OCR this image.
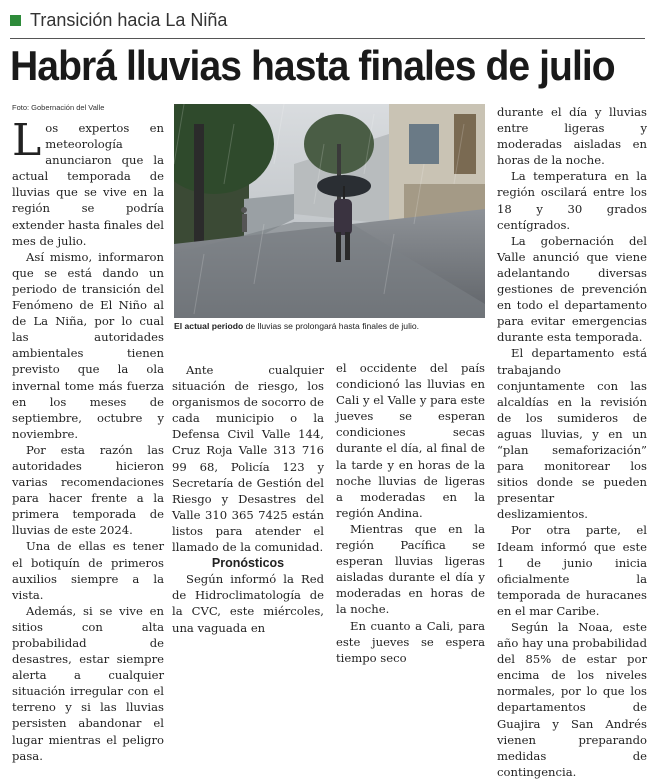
Transición hacia La Niña
Habrá lluvias hasta finales de julio
Foto: Gobernación del Valle

Los expertos en meteorología anunciaron que la actual temporada de lluvias que se vive en la región se podría extender hasta finales del mes de julio.

Así mismo, informaron que se está dando un periodo de transición del Fenómeno de El Niño al de La Niña, por lo cual las autoridades ambientales tienen previsto que la ola invernal tome más fuerza en los meses de septiembre, octubre y noviembre.

Por esta razón las autoridades hicieron varias recomendaciones para hacer frente a la primera temporada de lluvias de este 2024.

Una de ellas es tener el botiquín de primeros auxilios siempre a la vista.

Además, si se vive en sitios con alta probabilidad de desastres, estar siempre alerta a cualquier situación irregular con el terreno y si las lluvias persisten abandonar el lugar mientras el peligro pasa.

El actual periodo de lluvias se prolongará hasta finales de julio.

Ante cualquier situación de riesgo, los organismos de socorro de cada municipio o la Defensa Civil Valle 144, Cruz Roja Valle 313 716 99 68, Policía 123 y Secretaría de Gestión del Riesgo y Desastres del Valle 310 365 7425 están listos para atender el llamado de la comunidad.

Pronósticos

Según informó la Red de Hidroclimatología de la CVC, este miércoles, una vaguada en

el occidente del país condicionó las lluvias en Cali y el Valle y para este jueves se esperan condiciones secas durante el día, al final de la tarde y en horas de la noche lluvias de ligeras a moderadas en la región Andina.

Mientras que en la región Pacífica se esperan lluvias ligeras aisladas durante el día y moderadas en horas de la noche.

En cuanto a Cali, para este jueves se espera tiempo seco

durante el día y lluvias entre ligeras y moderadas aisladas en horas de la noche.

La temperatura en la región oscilará entre los 18 y 30 grados centígrados.

La gobernación del Valle anunció que viene adelantando diversas gestiones de prevención en todo el departamento para evitar emergencias durante esta temporada.

El departamento está trabajando conjuntamente con las alcaldías en la revisión de los sumideros de aguas lluvias, y en un “plan semaforización” para monitorear los sitios donde se pueden presentar deslizamientos.

Por otra parte, el Ideam informó que este 1 de junio inicia oficialmente la temporada de huracanes en el mar Caribe.

Según la Noaa, este año hay una probabilidad del 85% de estar por encima de los niveles normales, por lo que los departamentos de Guajira y San Andrés vienen preparando medidas de contingencia.
